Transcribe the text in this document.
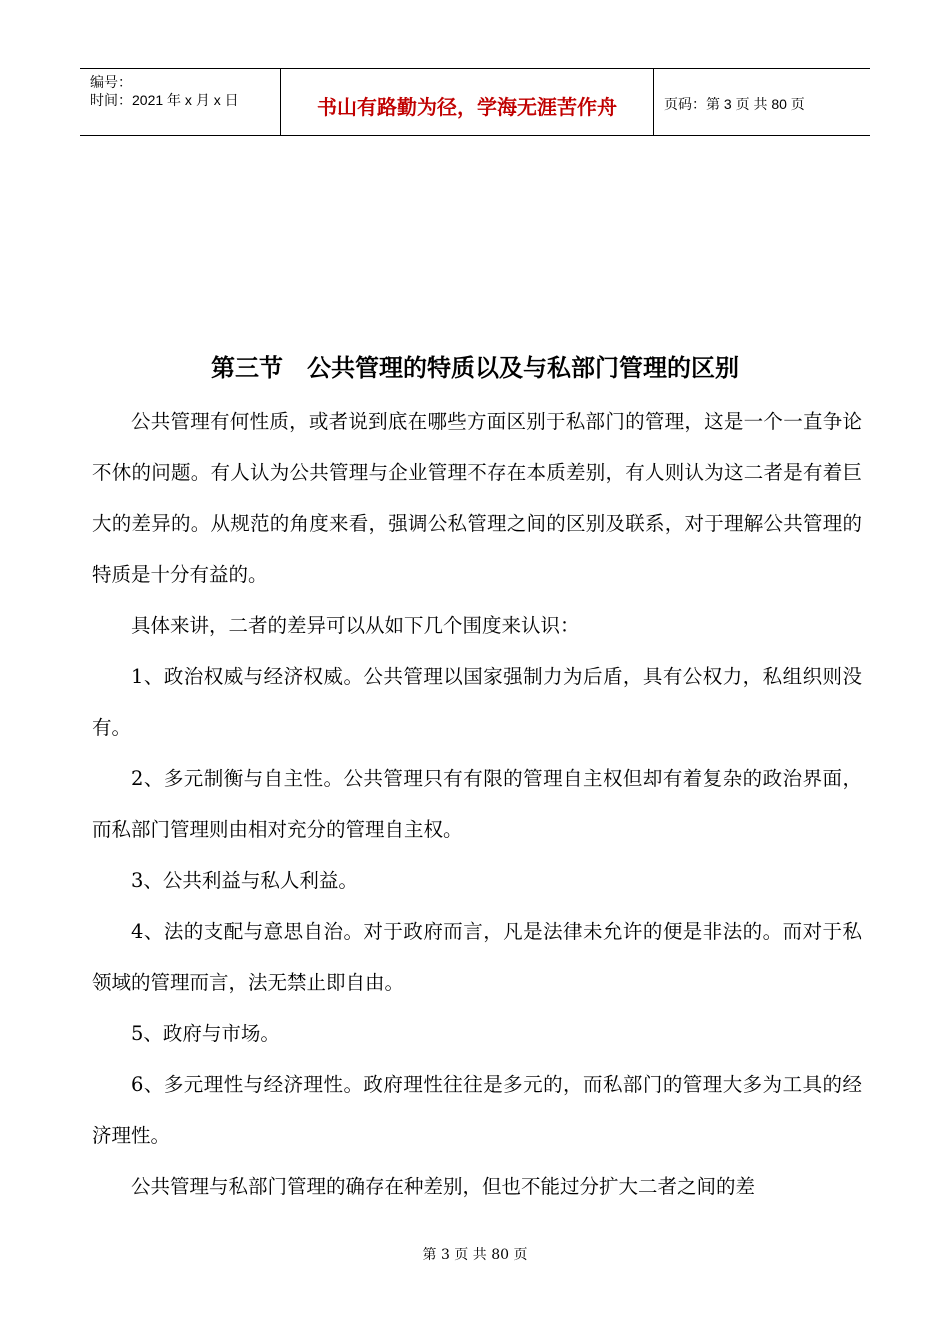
编号：
时间：2021 年 x 月 x 日	书山有路勤为径，学海无涯苦作舟	页码：第 3 页 共 80 页
第三节　公共管理的特质以及与私部门管理的区别

公共管理有何性质，或者说到底在哪些方面区别于私部门的管理，这是一个一直争论不休的问题。有人认为公共管理与企业管理不存在本质差别，有人则认为这二者是有着巨大的差异的。从规范的角度来看，强调公私管理之间的区别及联系，对于理解公共管理的特质是十分有益的。

具体来讲，二者的差异可以从如下几个围度来认识：

1、政治权威与经济权威。公共管理以国家强制力为后盾，具有公权力，私组织则没有。

2、多元制衡与自主性。公共管理只有有限的管理自主权但却有着复杂的政治界面，而私部门管理则由相对充分的管理自主权。

3、公共利益与私人利益。

4、法的支配与意思自治。对于政府而言，凡是法律未允许的便是非法的。而对于私领域的管理而言，法无禁止即自由。

5、政府与市场。

6、多元理性与经济理性。政府理性往往是多元的，而私部门的管理大多为工具的经济理性。

公共管理与私部门管理的确存在种差别，但也不能过分扩大二者之间的差

第 3 页 共 80 页
